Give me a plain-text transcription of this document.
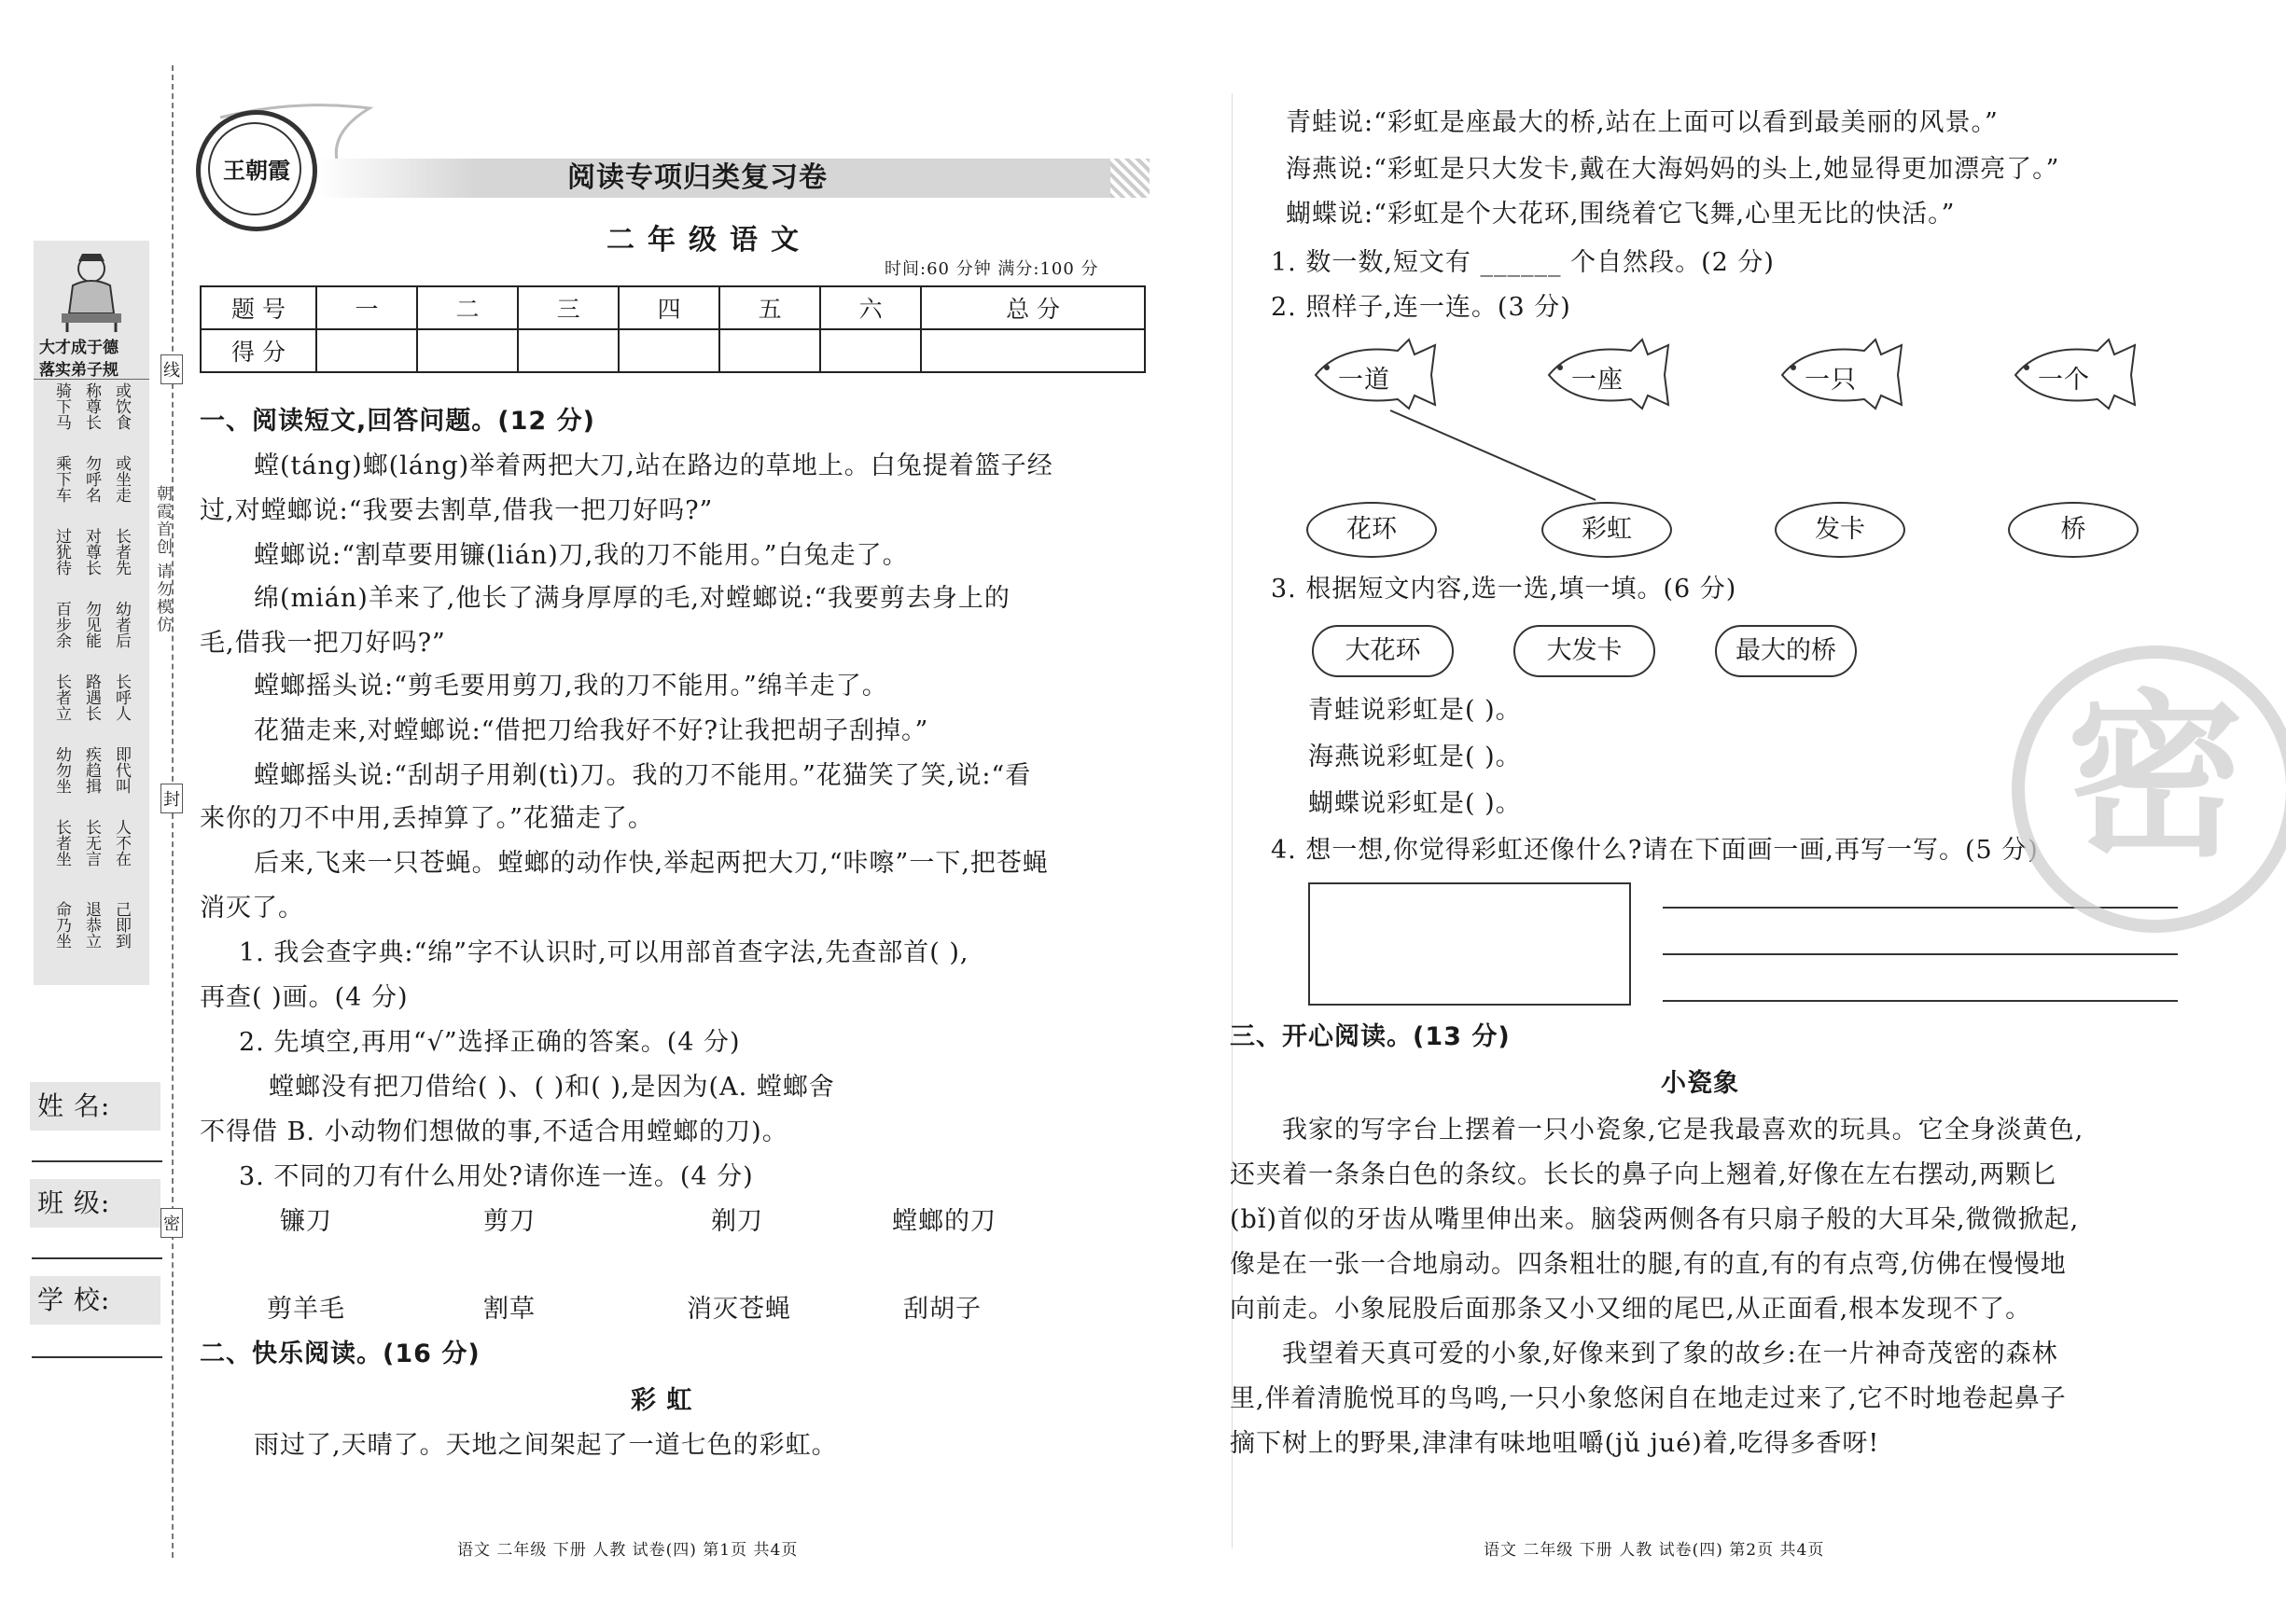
线
封
密
朝霞首创 请勿模仿
大才成于德
落实弟子规
骑下马 称尊长 或饮食
乘下车 勿呼名 或坐走
过犹待 对尊长 长者先
百步余 勿见能 幼者后
长者立 路遇长 长呼人
幼勿坐 疾趋揖 即代叫
长者坐 长无言 人不在
命乃坐 退恭立 己即到
姓 名:
班 级:
学 校:
王朝霞	阅读专项归类复习卷
二年级语文
时间:60 分钟 满分:100 分
题 号	一	二	三	四	五	六	总 分
得 分							
一、阅读短文,回答问题。(12 分)
螳(táng)螂(láng)举着两把大刀,站在路边的草地上。白兔提着篮子经
过,对螳螂说:“我要去割草,借我一把刀好吗?”
螳螂说:“割草要用镰(lián)刀,我的刀不能用。”白兔走了。
绵(mián)羊来了,他长了满身厚厚的毛,对螳螂说:“我要剪去身上的
毛,借我一把刀好吗?”
螳螂摇头说:“剪毛要用剪刀,我的刀不能用。”绵羊走了。
花猫走来,对螳螂说:“借把刀给我好不好?让我把胡子刮掉。”
螳螂摇头说:“刮胡子用剃(tì)刀。我的刀不能用。”花猫笑了笑,说:“看
来你的刀不中用,丢掉算了。”花猫走了。
后来,飞来一只苍蝇。螳螂的动作快,举起两把大刀,“咔嚓”一下,把苍蝇
消灭了。
1. 我会查字典:“绵”字不认识时,可以用部首查字法,先查部首( ),
再查( )画。(4 分)
2. 先填空,再用“√”选择正确的答案。(4 分)
螳螂没有把刀借给( )、( )和( ),是因为(A. 螳螂舍
不得借 B. 小动物们想做的事,不适合用螳螂的刀)。
3. 不同的刀有什么用处?请你连一连。(4 分)
镰刀	剪刀	剃刀	螳螂的刀
剪羊毛	割草	消灭苍蝇	刮胡子
二、快乐阅读。(16 分)
彩 虹
雨过了,天晴了。天地之间架起了一道七色的彩虹。
语文 二年级 下册 人教 试卷(四) 第1页 共4页
青蛙说:“彩虹是座最大的桥,站在上面可以看到最美丽的风景。”
海燕说:“彩虹是只大发卡,戴在大海妈妈的头上,她显得更加漂亮了。”
蝴蝶说:“彩虹是个大花环,围绕着它飞舞,心里无比的快活。”
1. 数一数,短文有 ______ 个自然段。(2 分)
2. 照样子,连一连。(3 分)
一道	一座	一只	一个
花环	彩虹	发卡	桥
3. 根据短文内容,选一选,填一填。(6 分)
大花环	大发卡	最大的桥
青蛙说彩虹是( )。
海燕说彩虹是( )。
蝴蝶说彩虹是( )。
4. 想一想,你觉得彩虹还像什么?请在下面画一画,再写一写。(5 分)
三、开心阅读。(13 分)
小瓷象
我家的写字台上摆着一只小瓷象,它是我最喜欢的玩具。它全身淡黄色,
还夹着一条条白色的条纹。长长的鼻子向上翘着,好像在左右摆动,两颗匕
(bǐ)首似的牙齿从嘴里伸出来。脑袋两侧各有只扇子般的大耳朵,微微掀起,
像是在一张一合地扇动。四条粗壮的腿,有的直,有的有点弯,仿佛在慢慢地
向前走。小象屁股后面那条又小又细的尾巴,从正面看,根本发现不了。
我望着天真可爱的小象,好像来到了象的故乡:在一片神奇茂密的森林
里,伴着清脆悦耳的鸟鸣,一只小象悠闲自在地走过来了,它不时地卷起鼻子
摘下树上的野果,津津有味地咀嚼(jǔ jué)着,吃得多香呀!
密
语文 二年级 下册 人教 试卷(四) 第2页 共4页
